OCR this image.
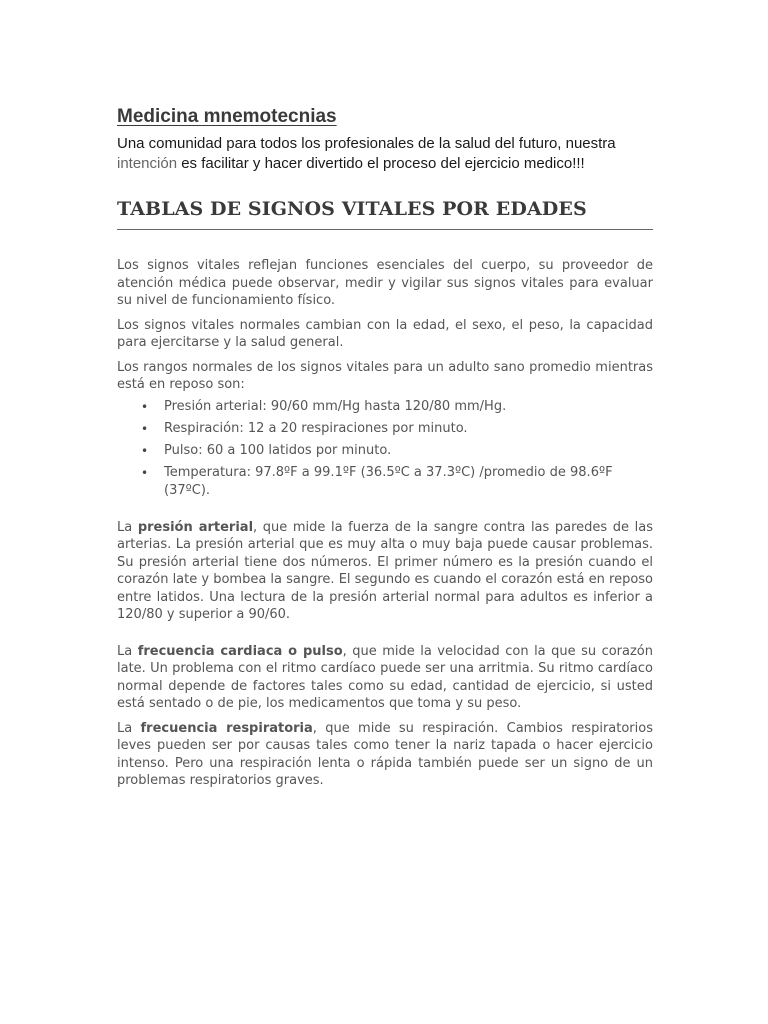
Medicina mnemotecnias

Una comunidad para todos los profesionales de la salud del futuro, nuestra intención es facilitar y hacer divertido el proceso del ejercicio medico!!!

TABLAS DE SIGNOS VITALES POR EDADES

Los signos vitales reflejan funciones esenciales del cuerpo, su proveedor de atención médica puede observar, medir y vigilar sus signos vitales para evaluar su nivel de funcionamiento físico.

Los signos vitales normales cambian con la edad, el sexo, el peso, la capacidad para ejercitarse y la salud general.

Los rangos normales de los signos vitales para un adulto sano promedio mientras está en reposo son:

• Presión arterial: 90/60 mm/Hg hasta 120/80 mm/Hg.
• Respiración: 12 a 20 respiraciones por minuto.
• Pulso: 60 a 100 latidos por minuto.
• Temperatura: 97.8ºF a 99.1ºF (36.5ºC a 37.3ºC) /promedio de 98.6ºF (37ºC).

La presión arterial, que mide la fuerza de la sangre contra las paredes de las arterias. La presión arterial que es muy alta o muy baja puede causar problemas. Su presión arterial tiene dos números. El primer número es la presión cuando el corazón late y bombea la sangre. El segundo es cuando el corazón está en reposo entre latidos. Una lectura de la presión arterial normal para adultos es inferior a 120/80 y superior a 90/60.

La frecuencia cardiaca o pulso, que mide la velocidad con la que su corazón late. Un problema con el ritmo cardíaco puede ser una arritmia. Su ritmo cardíaco normal depende de factores tales como su edad, cantidad de ejercicio, si usted está sentado o de pie, los medicamentos que toma y su peso.

La frecuencia respiratoria, que mide su respiración. Cambios respiratorios leves pueden ser por causas tales como tener la nariz tapada o hacer ejercicio intenso. Pero una respiración lenta o rápida también puede ser un signo de un problemas respiratorios graves.
